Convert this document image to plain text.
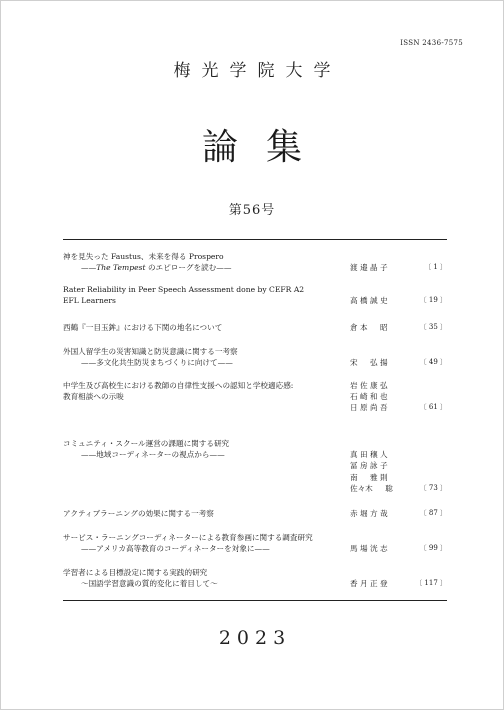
ISSN 2436-7575
梅光学院大学
論集
第56号
神を見失った Faustus、未来を得る Prospero
——The Tempest のエピローグを読む——	渡 邉 晶 子	〔 1 〕
Rater Reliability in Peer Speech Assessment done by CEFR A2
EFL Learners	高 橋 誠 史	〔 19 〕
西鶴『一目玉鉾』における下関の地名について	倉 本 　 昭	〔 35 〕
外国人留学生の災害知識と防災意識に関する一考察
——多文化共生防災まちづくりに向けて——	宋 　 弘 揚	〔 49 〕
中学生及び高校生における教師の自律性支援への認知と学校適応感:
教育相談への示唆
岩 佐 康 弘
石 崎 和 也
日 原 尚 吾	〔 61 〕
コミュニティ・スクール運営の課題に関する研究
——地域コーディネーターの視点から——	真 田 穣 人
冨 房 詠 子
南 　 雅 則
佐々木 　 聡	〔 73 〕
アクティブラーニングの効果に関する一考察	赤 堀 方 哉	〔 87 〕
サービス・ラーニングコーディネーターによる教育参画に関する調査研究
——アメリカ高等教育のコーディネーターを対象に——	馬 場 洸 志	〔 99 〕
学習者による目標設定に関する実践的研究
〜国語学習意識の質的変化に着目して〜	香 月 正 登	〔 117 〕
2023
